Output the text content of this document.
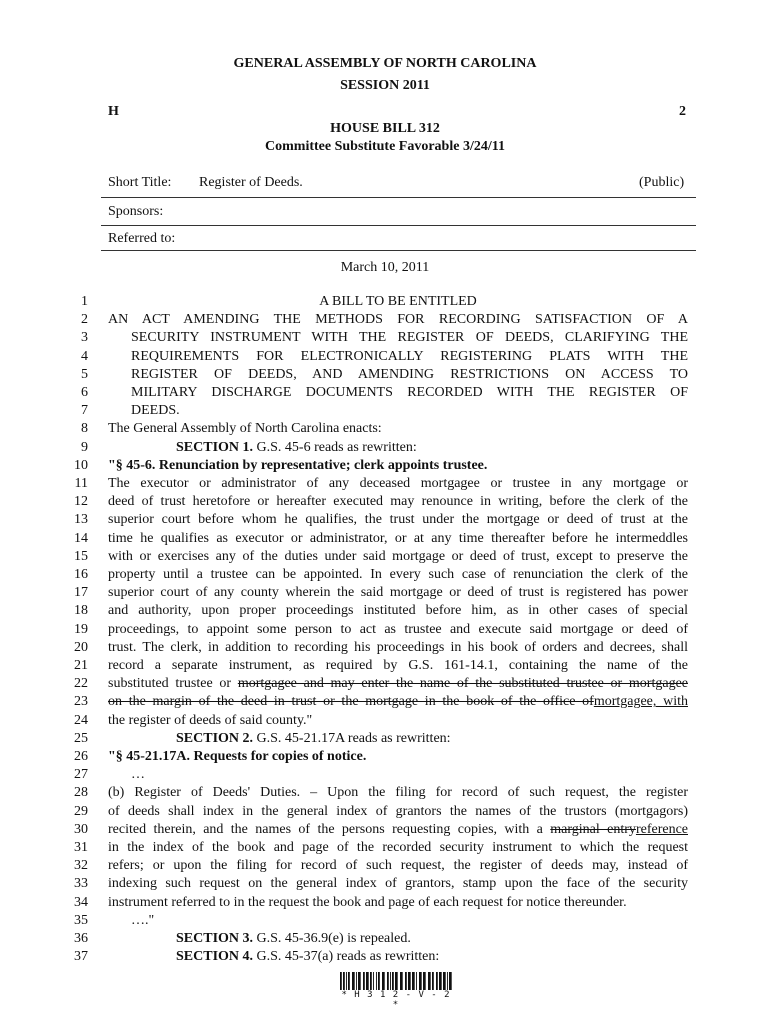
GENERAL ASSEMBLY OF NORTH CAROLINA
SESSION 2011
H	2
HOUSE BILL 312
Committee Substitute Favorable 3/24/11
Short Title: Register of Deeds.	(Public)
Sponsors:
Referred to:
March 10, 2011
1	A BILL TO BE ENTITLED
2 AN ACT AMENDING THE METHODS FOR RECORDING SATISFACTION OF A
3	SECURITY INSTRUMENT WITH THE REGISTER OF DEEDS, CLARIFYING THE
4	REQUIREMENTS FOR ELECTRONICALLY REGISTERING PLATS WITH THE
5	REGISTER OF DEEDS, AND AMENDING RESTRICTIONS ON ACCESS TO
6	MILITARY DISCHARGE DOCUMENTS RECORDED WITH THE REGISTER OF
7	DEEDS.
8 The General Assembly of North Carolina enacts:
9	SECTION 1. G.S. 45-6 reads as rewritten:
10 "§ 45-6. Renunciation by representative; clerk appoints trustee.
11 The executor or administrator of any deceased mortgagee or trustee in any mortgage or
12 deed of trust heretofore or hereafter executed may renounce in writing, before the clerk of the
13 superior court before whom he qualifies, the trust under the mortgage or deed of trust at the
14 time he qualifies as executor or administrator, or at any time thereafter before he intermeddles
15 with or exercises any of the duties under said mortgage or deed of trust, except to preserve the
16 property until a trustee can be appointed. In every such case of renunciation the clerk of the
17 superior court of any county wherein the said mortgage or deed of trust is registered has power
18 and authority, upon proper proceedings instituted before him, as in other cases of special
19 proceedings, to appoint some person to act as trustee and execute said mortgage or deed of
20 trust. The clerk, in addition to recording his proceedings in his book of orders and decrees, shall
21 record a separate instrument, as required by G.S. 161-14.1, containing the name of the
22 substituted trustee or mortgagee and may enter the name of the substituted trustee or mortgagee
23 on the margin of the deed in trust or the mortgage in the book of the office ofmortgagee, with
24 the register of deeds of said county."
25	SECTION 2. G.S. 45-21.17A reads as rewritten:
26 "§ 45-21.17A. Requests for copies of notice.
27	…
28 (b) Register of Deeds' Duties. – Upon the filing for record of such request, the register
29 of deeds shall index in the general index of grantors the names of the trustors (mortgagors)
30 recited therein, and the names of the persons requesting copies, with a marginal entryreference
31 in the index of the book and page of the recorded security instrument to which the request
32 refers; or upon the filing for record of such request, the register of deeds may, instead of
33 indexing such request on the general index of grantors, stamp upon the face of the security
34 instrument referred to in the request the book and page of each request for notice thereunder.
35	…."
36	SECTION 3. G.S. 45-36.9(e) is repealed.
37	SECTION 4. G.S. 45-37(a) reads as rewritten:
* H 3 1 2 - V - 2 *
